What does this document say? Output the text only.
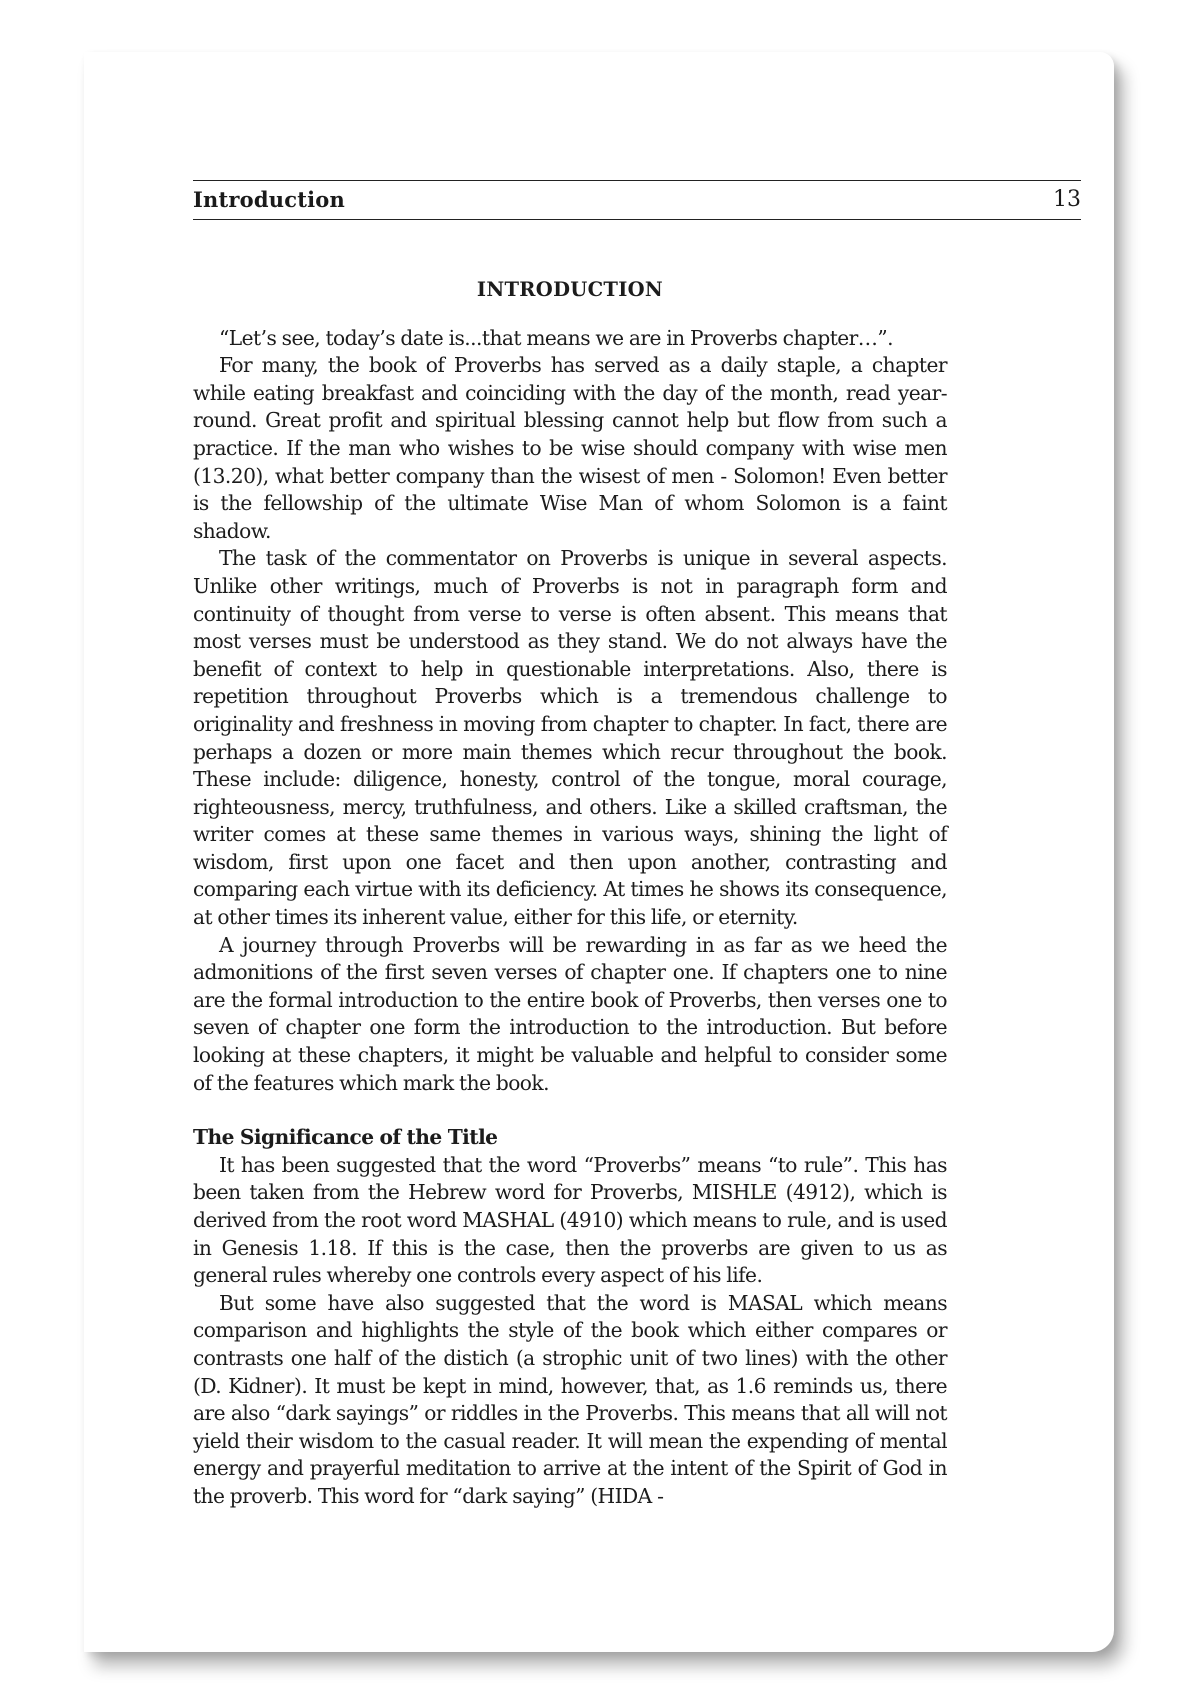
Introduction	13
INTRODUCTION

“Let’s see, today’s date is...that means we are in Proverbs chapter…”.

For many, the book of Proverbs has served as a daily staple, a chapter while eating breakfast and coinciding with the day of the month, read year-round. Great profit and spiritual blessing cannot help but flow from such a practice. If the man who wishes to be wise should company with wise men (13.20), what better company than the wisest of men - Solomon! Even better is the fellowship of the ultimate Wise Man of whom Solomon is a faint shadow.

The task of the commentator on Proverbs is unique in several aspects. Unlike other writings, much of Proverbs is not in paragraph form and continuity of thought from verse to verse is often absent. This means that most verses must be understood as they stand. We do not always have the benefit of context to help in questionable interpretations. Also, there is repetition throughout Proverbs which is a tremendous challenge to originality and freshness in moving from chapter to chapter. In fact, there are perhaps a dozen or more main themes which recur throughout the book. These include: diligence, honesty, control of the tongue, moral courage, righteousness, mercy, truthfulness, and others. Like a skilled craftsman, the writer comes at these same themes in various ways, shining the light of wisdom, first upon one facet and then upon another, contrasting and comparing each virtue with its deficiency. At times he shows its consequence, at other times its inherent value, either for this life, or eternity.

A journey through Proverbs will be rewarding in as far as we heed the admonitions of the first seven verses of chapter one. If chapters one to nine are the formal introduction to the entire book of Proverbs, then verses one to seven of chapter one form the introduction to the introduction. But before looking at these chapters, it might be valuable and helpful to consider some of the features which mark the book.

The Significance of the Title

It has been suggested that the word “Proverbs” means “to rule”. This has been taken from the Hebrew word for Proverbs, MISHLE (4912), which is derived from the root word MASHAL (4910) which means to rule, and is used in Genesis 1.18. If this is the case, then the proverbs are given to us as general rules whereby one controls every aspect of his life.

But some have also suggested that the word is MASAL which means comparison and highlights the style of the book which either compares or contrasts one half of the distich (a strophic unit of two lines) with the other (D. Kidner). It must be kept in mind, however, that, as 1.6 reminds us, there are also “dark sayings” or riddles in the Proverbs. This means that all will not yield their wisdom to the casual reader. It will mean the expending of mental energy and prayerful meditation to arrive at the intent of the Spirit of God in the proverb. This word for “dark saying” (HIDA -
